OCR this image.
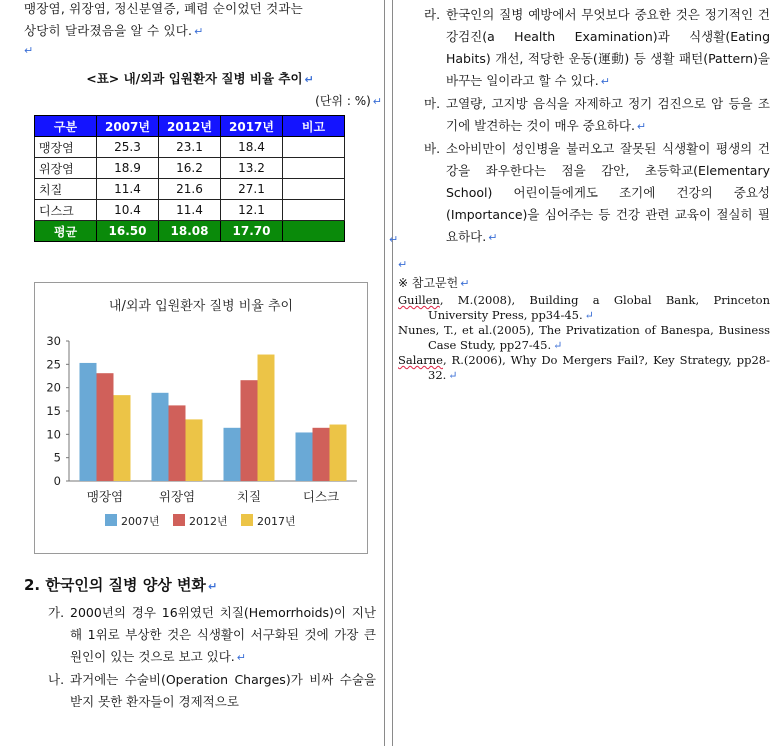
맹장염, 위장염, 정신분열증, 폐렴 순이었던 것과는
상당히 달라졌음을 알 수 있다. ↵
↵
<표> 내/외과 입원환자 질병 비율 추이 ↵
(단위 : %) ↵
구분	2007년	2012년	2017년	비고
맹장염	25.3	23.1	18.4	
위장염	18.9	16.2	13.2	
치질	11.4	21.6	27.1	
디스크	10.4	11.4	12.1	
평균	16.50	18.08	17.70	
내/외과 입원환자 질병 비율 추이
0
5
10
15
20
25
30
맹장염	위장염	치질	디스크
2007년	2012년	2017년
2. 한국인의 질병 양상 변화 ↵
가. 2000년의 경우 16위였던 치질(Hemorrhoids)이 지난해 1위로 부상한 것은 식생활이 서구화된 것에 가장 큰 원인이 있는 것으로 보고 있다. ↵
나. 과거에는 수술비(Operation Charges)가 비싸 수술을 받지 못한 환자들이 경제적으로
라. 한국인의 질병 예방에서 무엇보다 중요한 것은 정기적인 건강검진(a Health Examination)과 식생활(Eating Habits) 개선, 적당한 운동(運動) 등 생활 패턴(Pattern)을 바꾸는 일이라고 할 수 있다. ↵
마. 고열량, 고지방 음식을 자제하고 정기 검진으로 암 등을 조기에 발견하는 것이 매우 중요하다. ↵
바. 소아비만이 성인병을 불러오고 잘못된 식생활이 평생의 건강을 좌우한다는 점을 감안, 초등학교(Elementary School) 어린이들에게도 조기에 건강의 중요성(Importance)을 심어주는 등 건강 관련 교육이 절실히 필요하다. ↵
↵
※ 참고문헌 ↵
Guillen, M.(2008), Building a Global Bank, Princeton University Press, pp34-45. ↵
Nunes, T., et al.(2005), The Privatization of Banespa, Business Case Study, pp27-45. ↵
Salarne, R.(2006), Why Do Mergers Fail?, Key Strategy, pp28-32. ↵
↵
